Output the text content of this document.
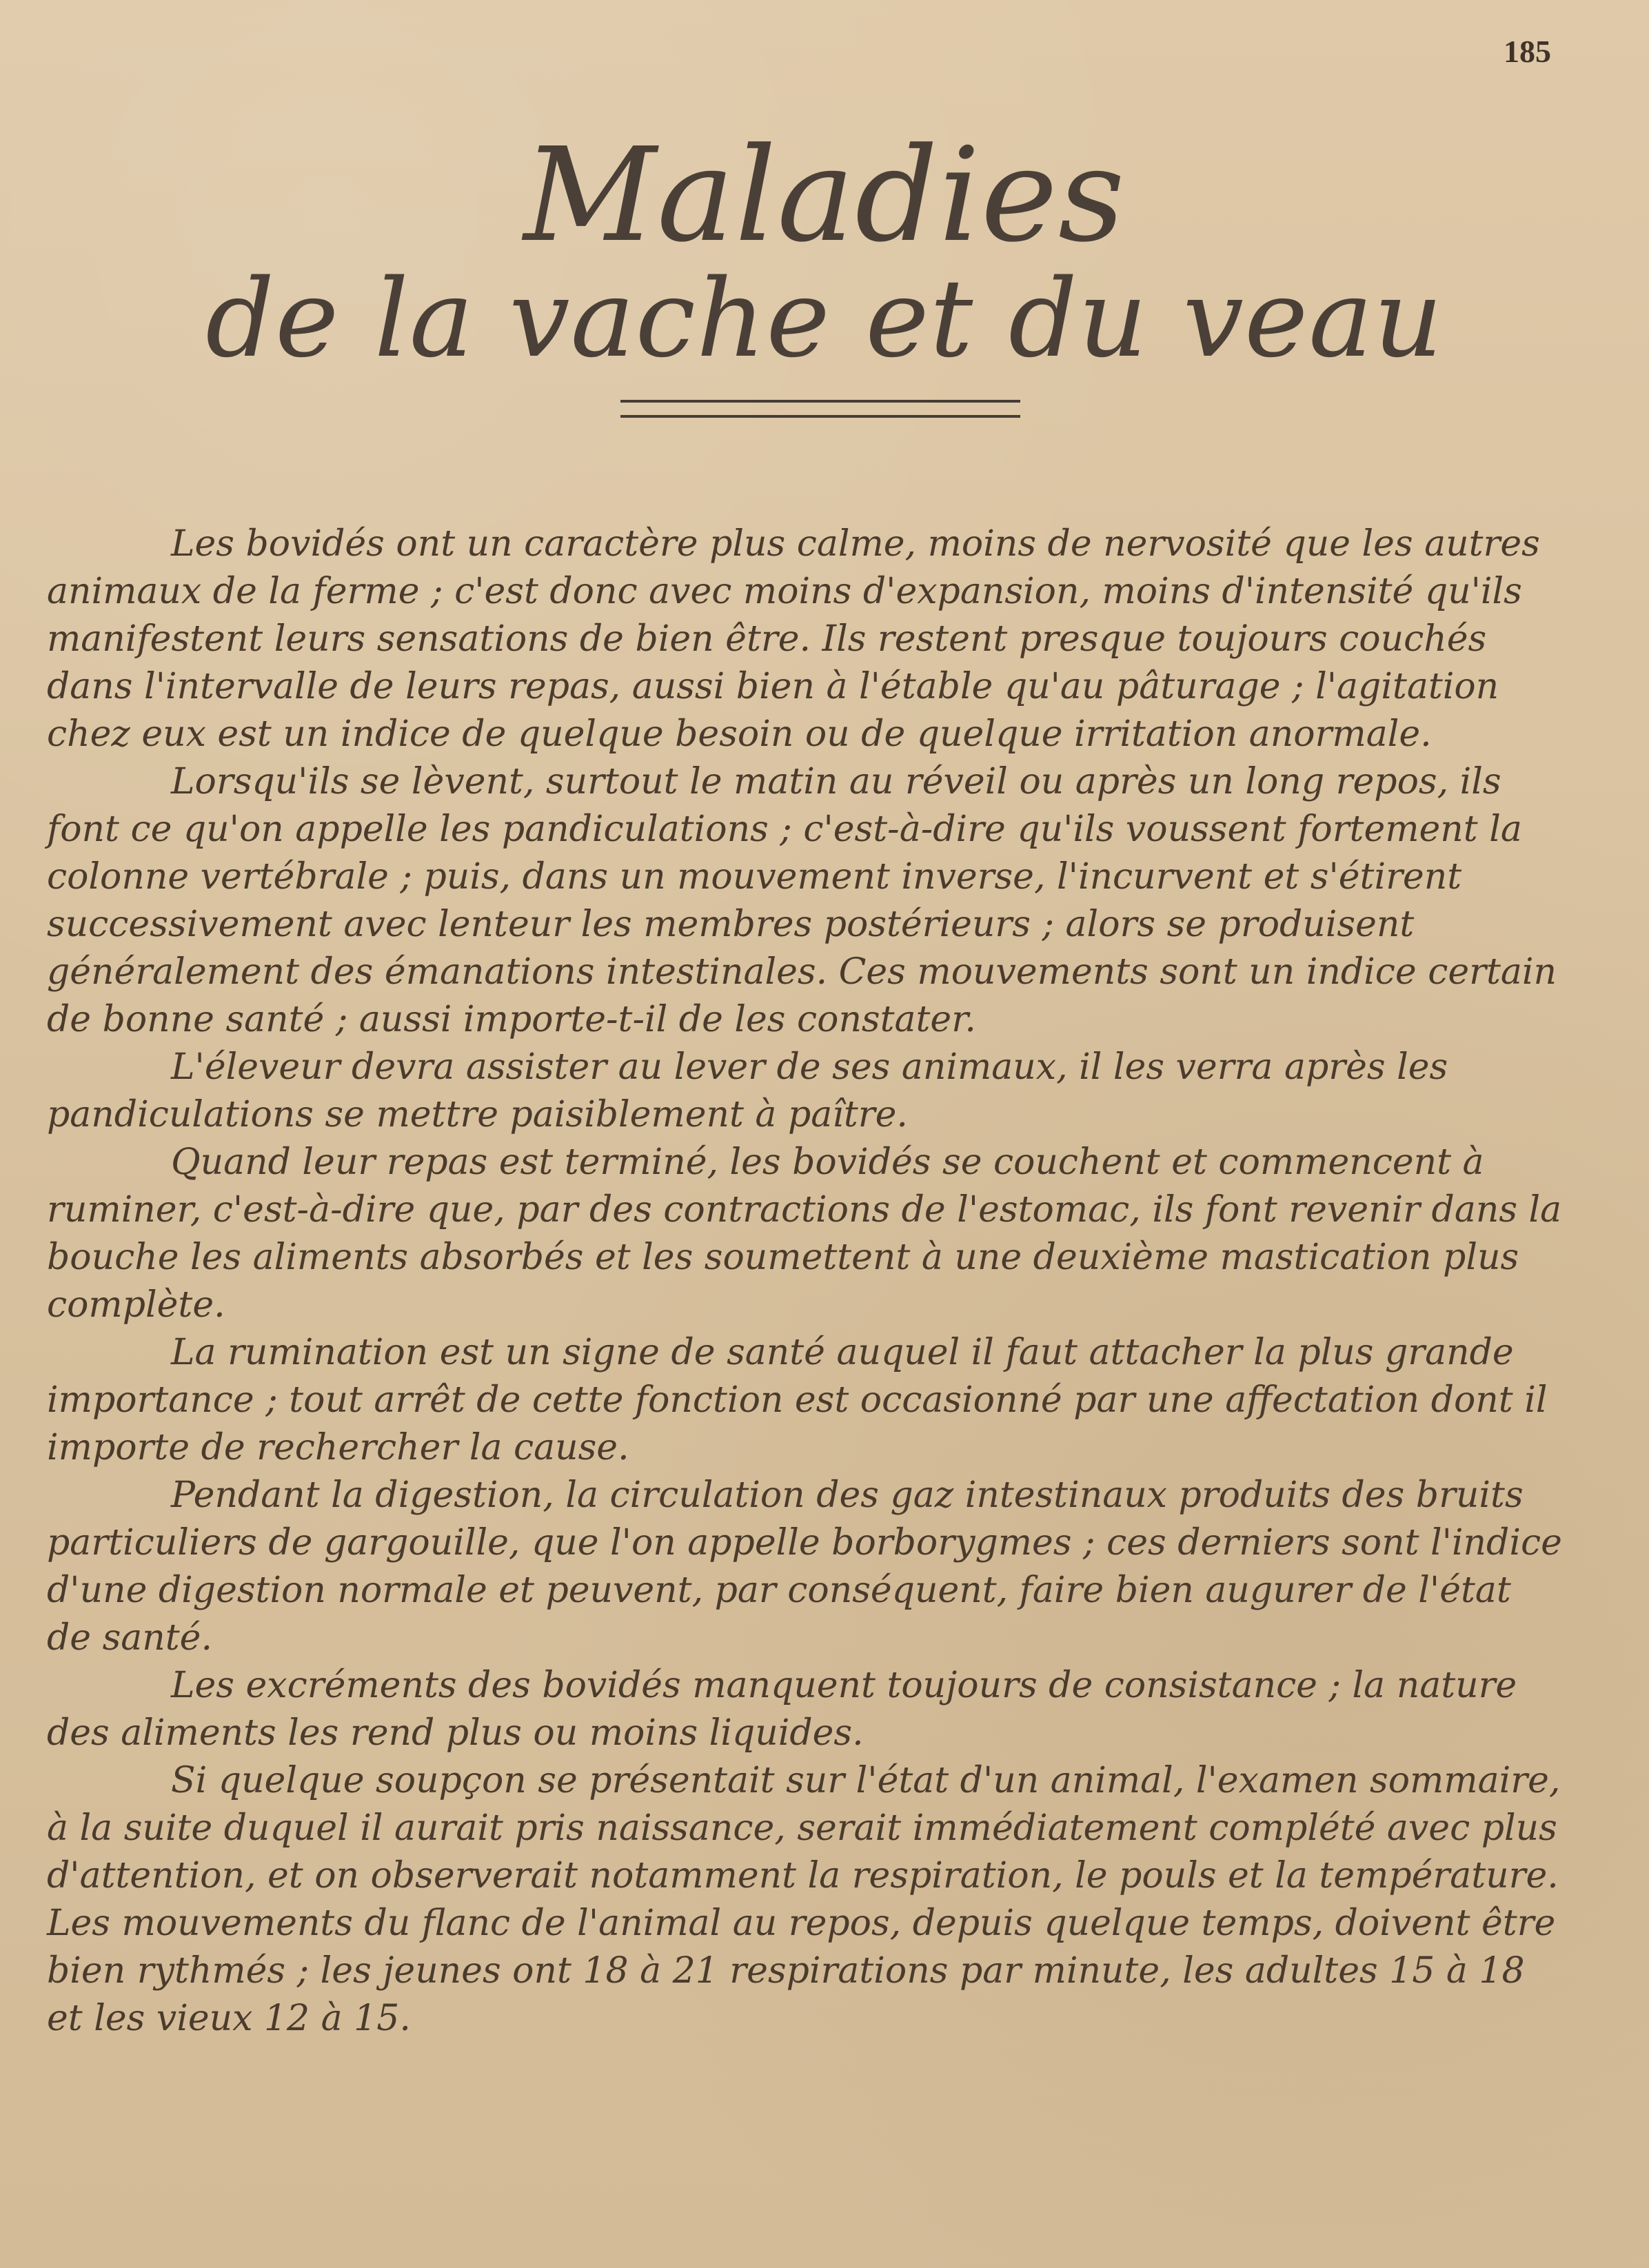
185
Maladies
de la vache et du veau

Les bovidés ont un caractère plus calme, moins de nervosité que les autres animaux de la ferme ; c'est donc avec moins d'expansion, moins d'intensité qu'ils manifestent leurs sensations de bien être. Ils restent presque toujours couchés dans l'intervalle de leurs repas, aussi bien à l'étable qu'au pâturage ; l'agitation chez eux est un indice de quelque besoin ou de quelque irritation anormale.

Lorsqu'ils se lèvent, surtout le matin au réveil ou après un long repos, ils font ce qu'on appelle les pandiculations ; c'est-à-dire qu'ils voussent fortement la colonne vertébrale ; puis, dans un mouvement inverse, l'incurvent et s'étirent successivement avec lenteur les membres postérieurs ; alors se produisent généralement des émanations intestinales. Ces mouvements sont un indice certain de bonne santé ; aussi importe-t-il de les constater.

L'éleveur devra assister au lever de ses animaux, il les verra après les pandiculations se mettre paisiblement à paître.

Quand leur repas est terminé, les bovidés se couchent et commencent à ruminer, c'est-à-dire que, par des contractions de l'estomac, ils font revenir dans la bouche les aliments absorbés et les soumettent à une deuxième mastication plus complète.

La rumination est un signe de santé auquel il faut attacher la plus grande importance ; tout arrêt de cette fonction est occasionné par une affectation dont il importe de rechercher la cause.

Pendant la digestion, la circulation des gaz intestinaux produits des bruits particuliers de gargouille, que l'on appelle borborygmes ; ces derniers sont l'indice d'une digestion normale et peuvent, par conséquent, faire bien augurer de l'état de santé.

Les excréments des bovidés manquent toujours de consistance ; la nature des aliments les rend plus ou moins liquides.

Si quelque soupçon se présentait sur l'état d'un animal, l'examen sommaire, à la suite duquel il aurait pris naissance, serait immédiatement complété avec plus d'attention, et on observerait notamment la respiration, le pouls et la température. Les mouvements du flanc de l'animal au repos, depuis quelque temps, doivent être bien rythmés ; les jeunes ont 18 à 21 respirations par minute, les adultes 15 à 18 et les vieux 12 à 15.
